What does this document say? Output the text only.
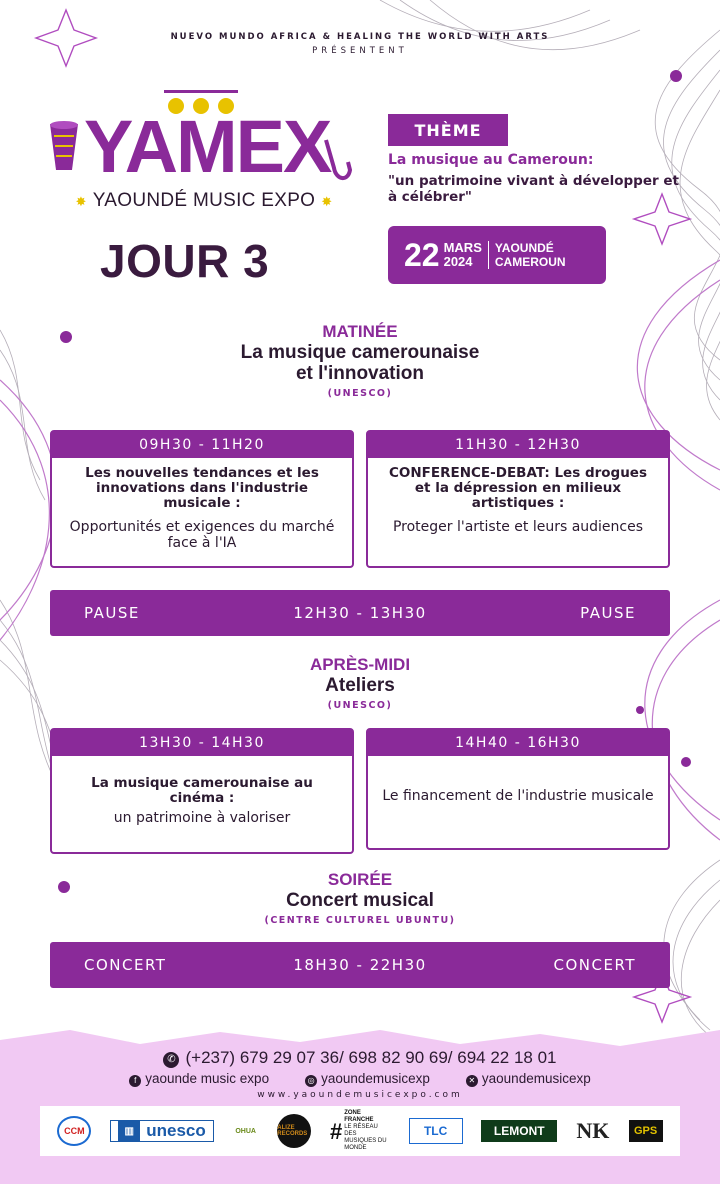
NUEVO MUNDO AFRICA & HEALING THE WORLD WITH ARTS
PRÉSENTENT
YAMEX
✸ YAOUNDÉ MUSIC EXPO ✸
JOUR 3
THÈME
La musique au Cameroun:
"un patrimoine vivant à développer et à célébrer"
22 MARS
2024
YAOUNDÉ
CAMEROUN
MATINÉE
La musique camerounaise
et l'innovation
(UNESCO)
09H30 - 11H20
Les nouvelles tendances et les innovations dans l'industrie musicale :
Opportunités et exigences du marché face à l'IA
11H30 - 12H30
CONFERENCE-DEBAT: Les drogues et la dépression en milieux artistiques :
Proteger l'artiste et leurs audiences
PAUSE	12H30 - 13H30	PAUSE
APRÈS-MIDI
Ateliers
(UNESCO)
13H30 - 14H30
La musique camerounaise au cinéma :
un patrimoine à valoriser
14H40 - 16H30
Le financement de l'industrie musicale
SOIRÉE
Concert musical
(CENTRE CULTUREL UBUNTU)
CONCERT	18H30 - 22H30	CONCERT
✆ (+237) 679 29 07 36/ 698 82 90 69/ 694 22 18 01
f yaounde music expo	◎ yaoundemusicexp	✕ yaoundemusicexp
www.yaoundemusicexpo.com
CCM	▥ unesco	OHUA	ALIZE RECORDS #
ZONE
FRANCHE
LE RÉSEAU DES MUSIQUES DU MONDE
TLC	LEMONT	NK	GPS
